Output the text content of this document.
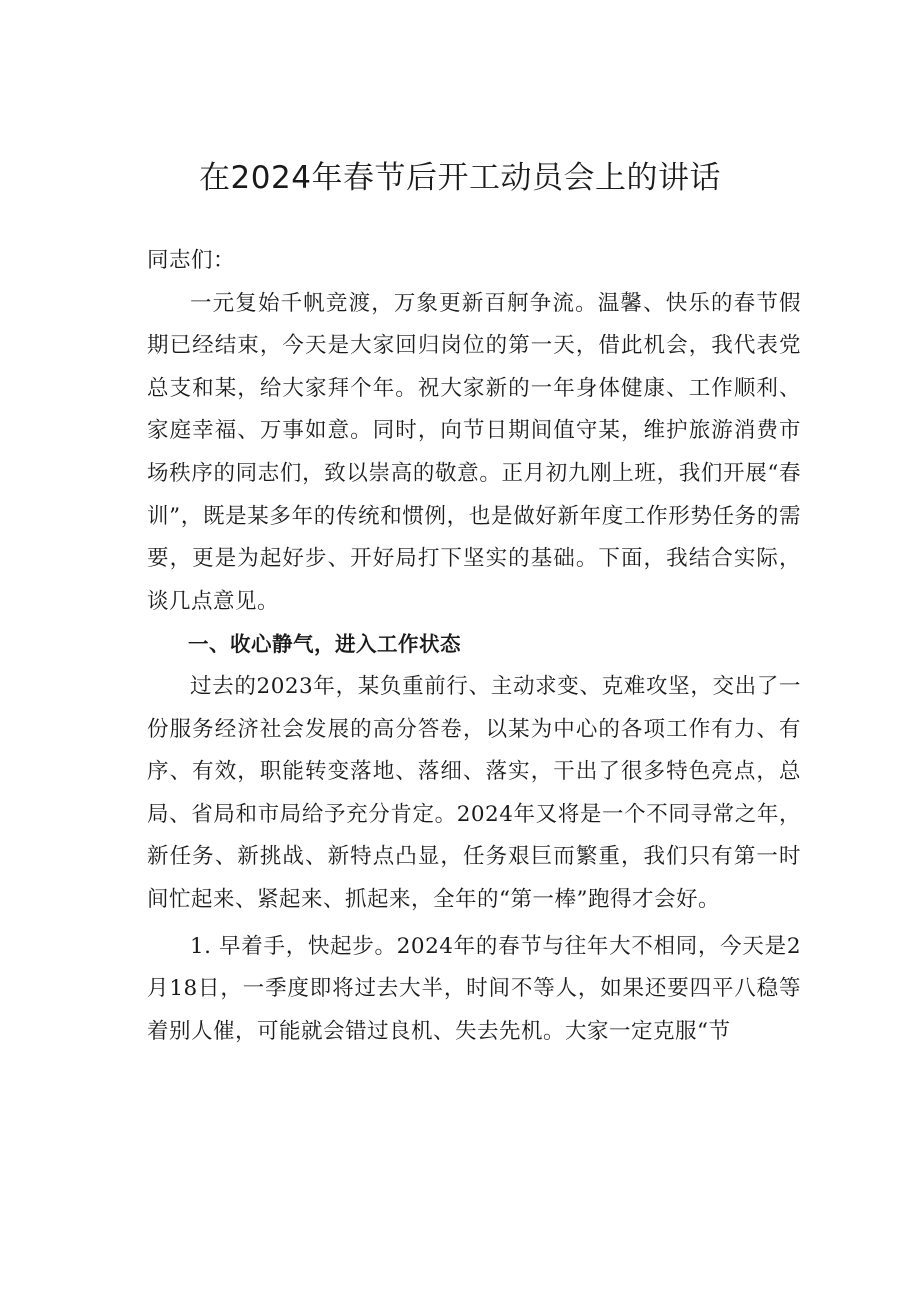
在2024年春节后开工动员会上的讲话

同志们：

一元复始千帆竞渡，万象更新百舸争流。温馨、快乐的春节假期已经结束，今天是大家回归岗位的第一天，借此机会，我代表党总支和某，给大家拜个年。祝大家新的一年身体健康、工作顺利、家庭幸福、万事如意。同时，向节日期间值守某，维护旅游消费市场秩序的同志们，致以崇高的敬意。正月初九刚上班，我们开展“春训”，既是某多年的传统和惯例，也是做好新年度工作形势任务的需要，更是为起好步、开好局打下坚实的基础。下面，我结合实际，谈几点意见。

一、收心静气，进入工作状态

过去的2023年，某负重前行、主动求变、克难攻坚，交出了一份服务经济社会发展的高分答卷，以某为中心的各项工作有力、有序、有效，职能转变落地、落细、落实，干出了很多特色亮点，总局、省局和市局给予充分肯定。2024年又将是一个不同寻常之年，新任务、新挑战、新特点凸显，任务艰巨而繁重，我们只有第一时间忙起来、紧起来、抓起来，全年的“第一棒”跑得才会好。

1. 早着手，快起步。2024年的春节与往年大不相同，今天是2月18日，一季度即将过去大半，时间不等人，如果还要四平八稳等着别人催，可能就会错过良机、失去先机。大家一定克服“节
